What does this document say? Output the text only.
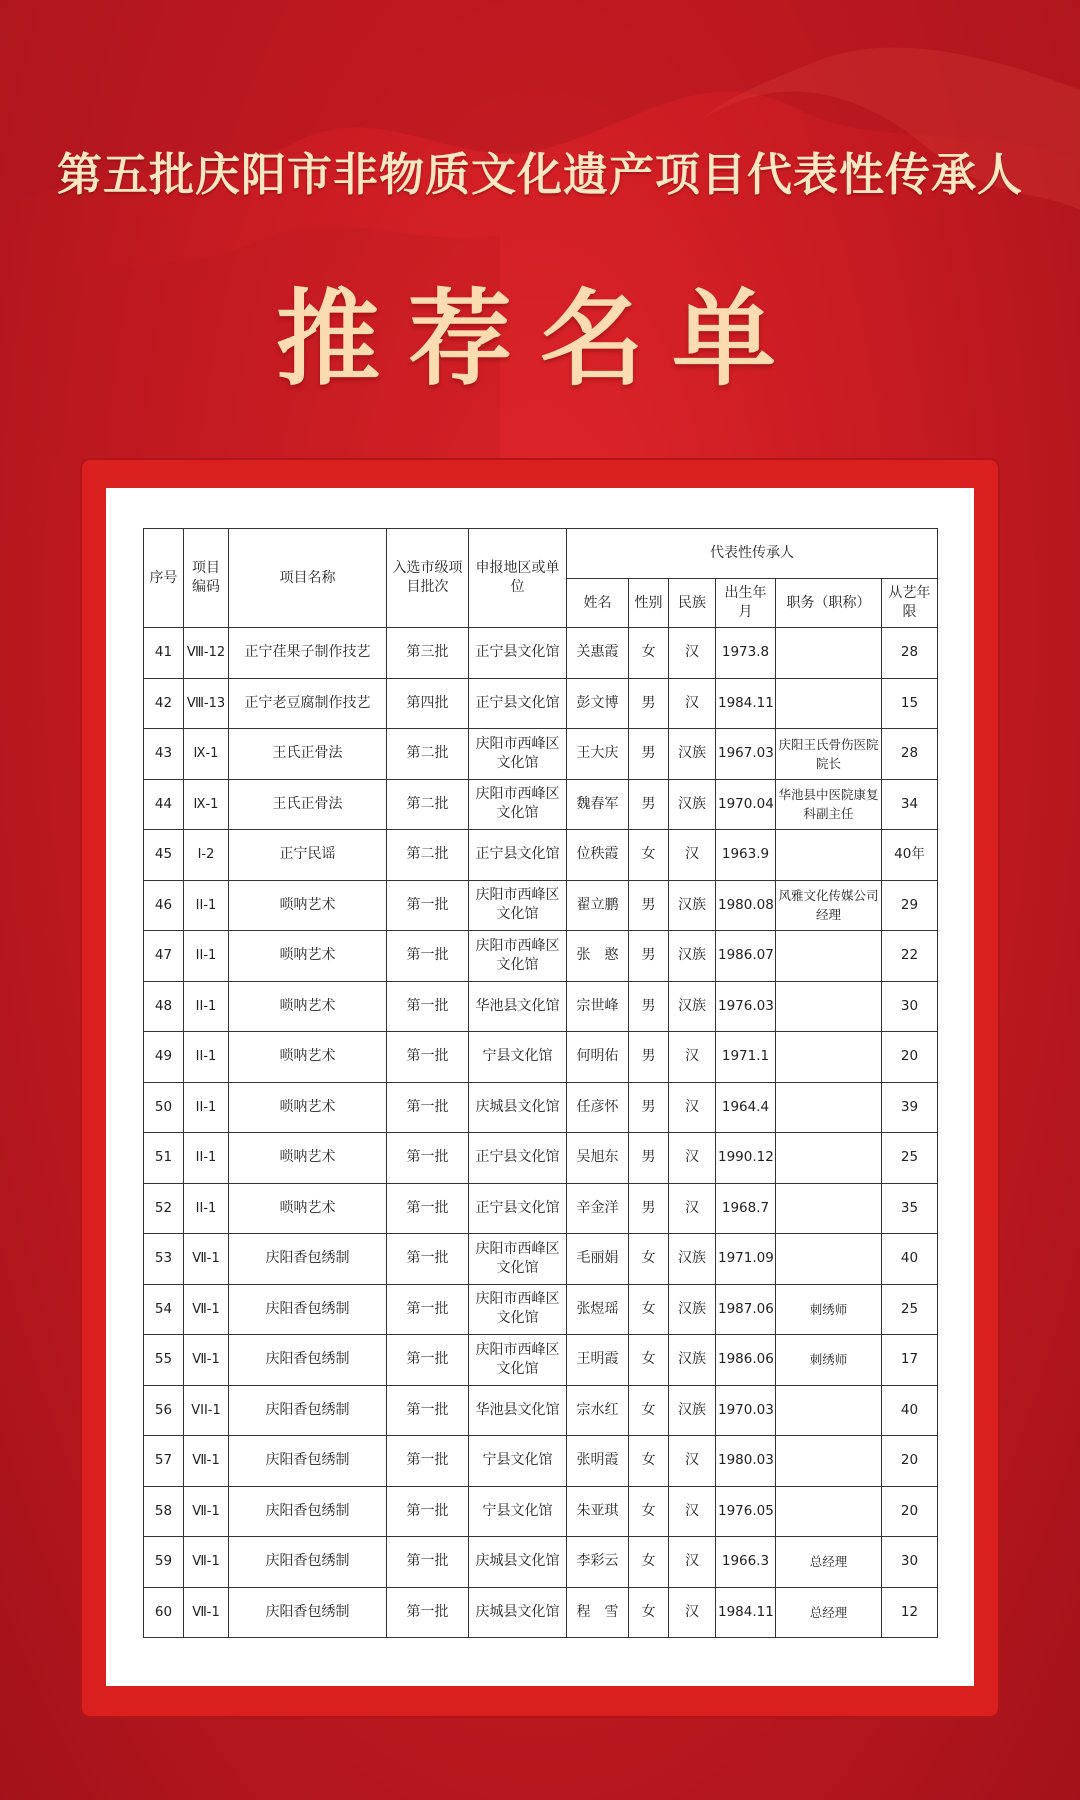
第五批庆阳市非物质文化遗产项目代表性传承人
推荐名单
序号	项目编码	项目名称	入选市级项目批次	申报地区或单位	代表性传承人					
					姓名	性别	民族	出生年月	职务（职称）	从艺年限
41	Ⅷ-12	正宁荏果子制作技艺	第三批	正宁县文化馆	关惠霞	女	汉	1973.8		28
42	Ⅷ-13	正宁老豆腐制作技艺	第四批	正宁县文化馆	彭文博	男	汉	1984.11		15
43	Ⅸ-1	王氏正骨法	第二批	庆阳市西峰区文化馆	王大庆	男	汉族	1967.03	庆阳王氏骨伤医院院长	28
44	Ⅸ-1	王氏正骨法	第二批	庆阳市西峰区文化馆	魏春军	男	汉族	1970.04	华池县中医院康复科副主任	34
45	Ⅰ-2	正宁民谣	第二批	正宁县文化馆	位秩霞	女	汉	1963.9		40年
46	ⅠⅠ-1	唢呐艺术	第一批	庆阳市西峰区文化馆	翟立鹏	男	汉族	1980.08	风雅文化传媒公司经理	29
47	ⅠⅠ-1	唢呐艺术	第一批	庆阳市西峰区文化馆	张　憨	男	汉族	1986.07		22
48	ⅠⅠ-1	唢呐艺术	第一批	华池县文化馆	宗世峰	男	汉族	1976.03		30
49	ⅠⅠ-1	唢呐艺术	第一批	宁县文化馆	何明佑	男	汉	1971.1		20
50	ⅠⅠ-1	唢呐艺术	第一批	庆城县文化馆	任彦怀	男	汉	1964.4		39
51	ⅠⅠ-1	唢呐艺术	第一批	正宁县文化馆	吴旭东	男	汉	1990.12		25
52	ⅠⅠ-1	唢呐艺术	第一批	正宁县文化馆	辛金洋	男	汉	1968.7		35
53	Ⅶ-1	庆阳香包绣制	第一批	庆阳市西峰区文化馆	毛丽娟	女	汉族	1971.09		40
54	Ⅶ-1	庆阳香包绣制	第一批	庆阳市西峰区文化馆	张煜瑶	女	汉族	1987.06	刺绣师	25
55	Ⅶ-1	庆阳香包绣制	第一批	庆阳市西峰区文化馆	王明霞	女	汉族	1986.06	刺绣师	17
56	VⅠⅠ-1	庆阳香包绣制	第一批	华池县文化馆	宗水红	女	汉族	1970.03		40
57	Ⅶ-1	庆阳香包绣制	第一批	宁县文化馆	张明霞	女	汉	1980.03		20
58	Ⅶ-1	庆阳香包绣制	第一批	宁县文化馆	朱亚琪	女	汉	1976.05		20
59	Ⅶ-1	庆阳香包绣制	第一批	庆城县文化馆	李彩云	女	汉	1966.3	总经理	30
60	Ⅶ-1	庆阳香包绣制	第一批	庆城县文化馆	程　雪	女	汉	1984.11	总经理	12
